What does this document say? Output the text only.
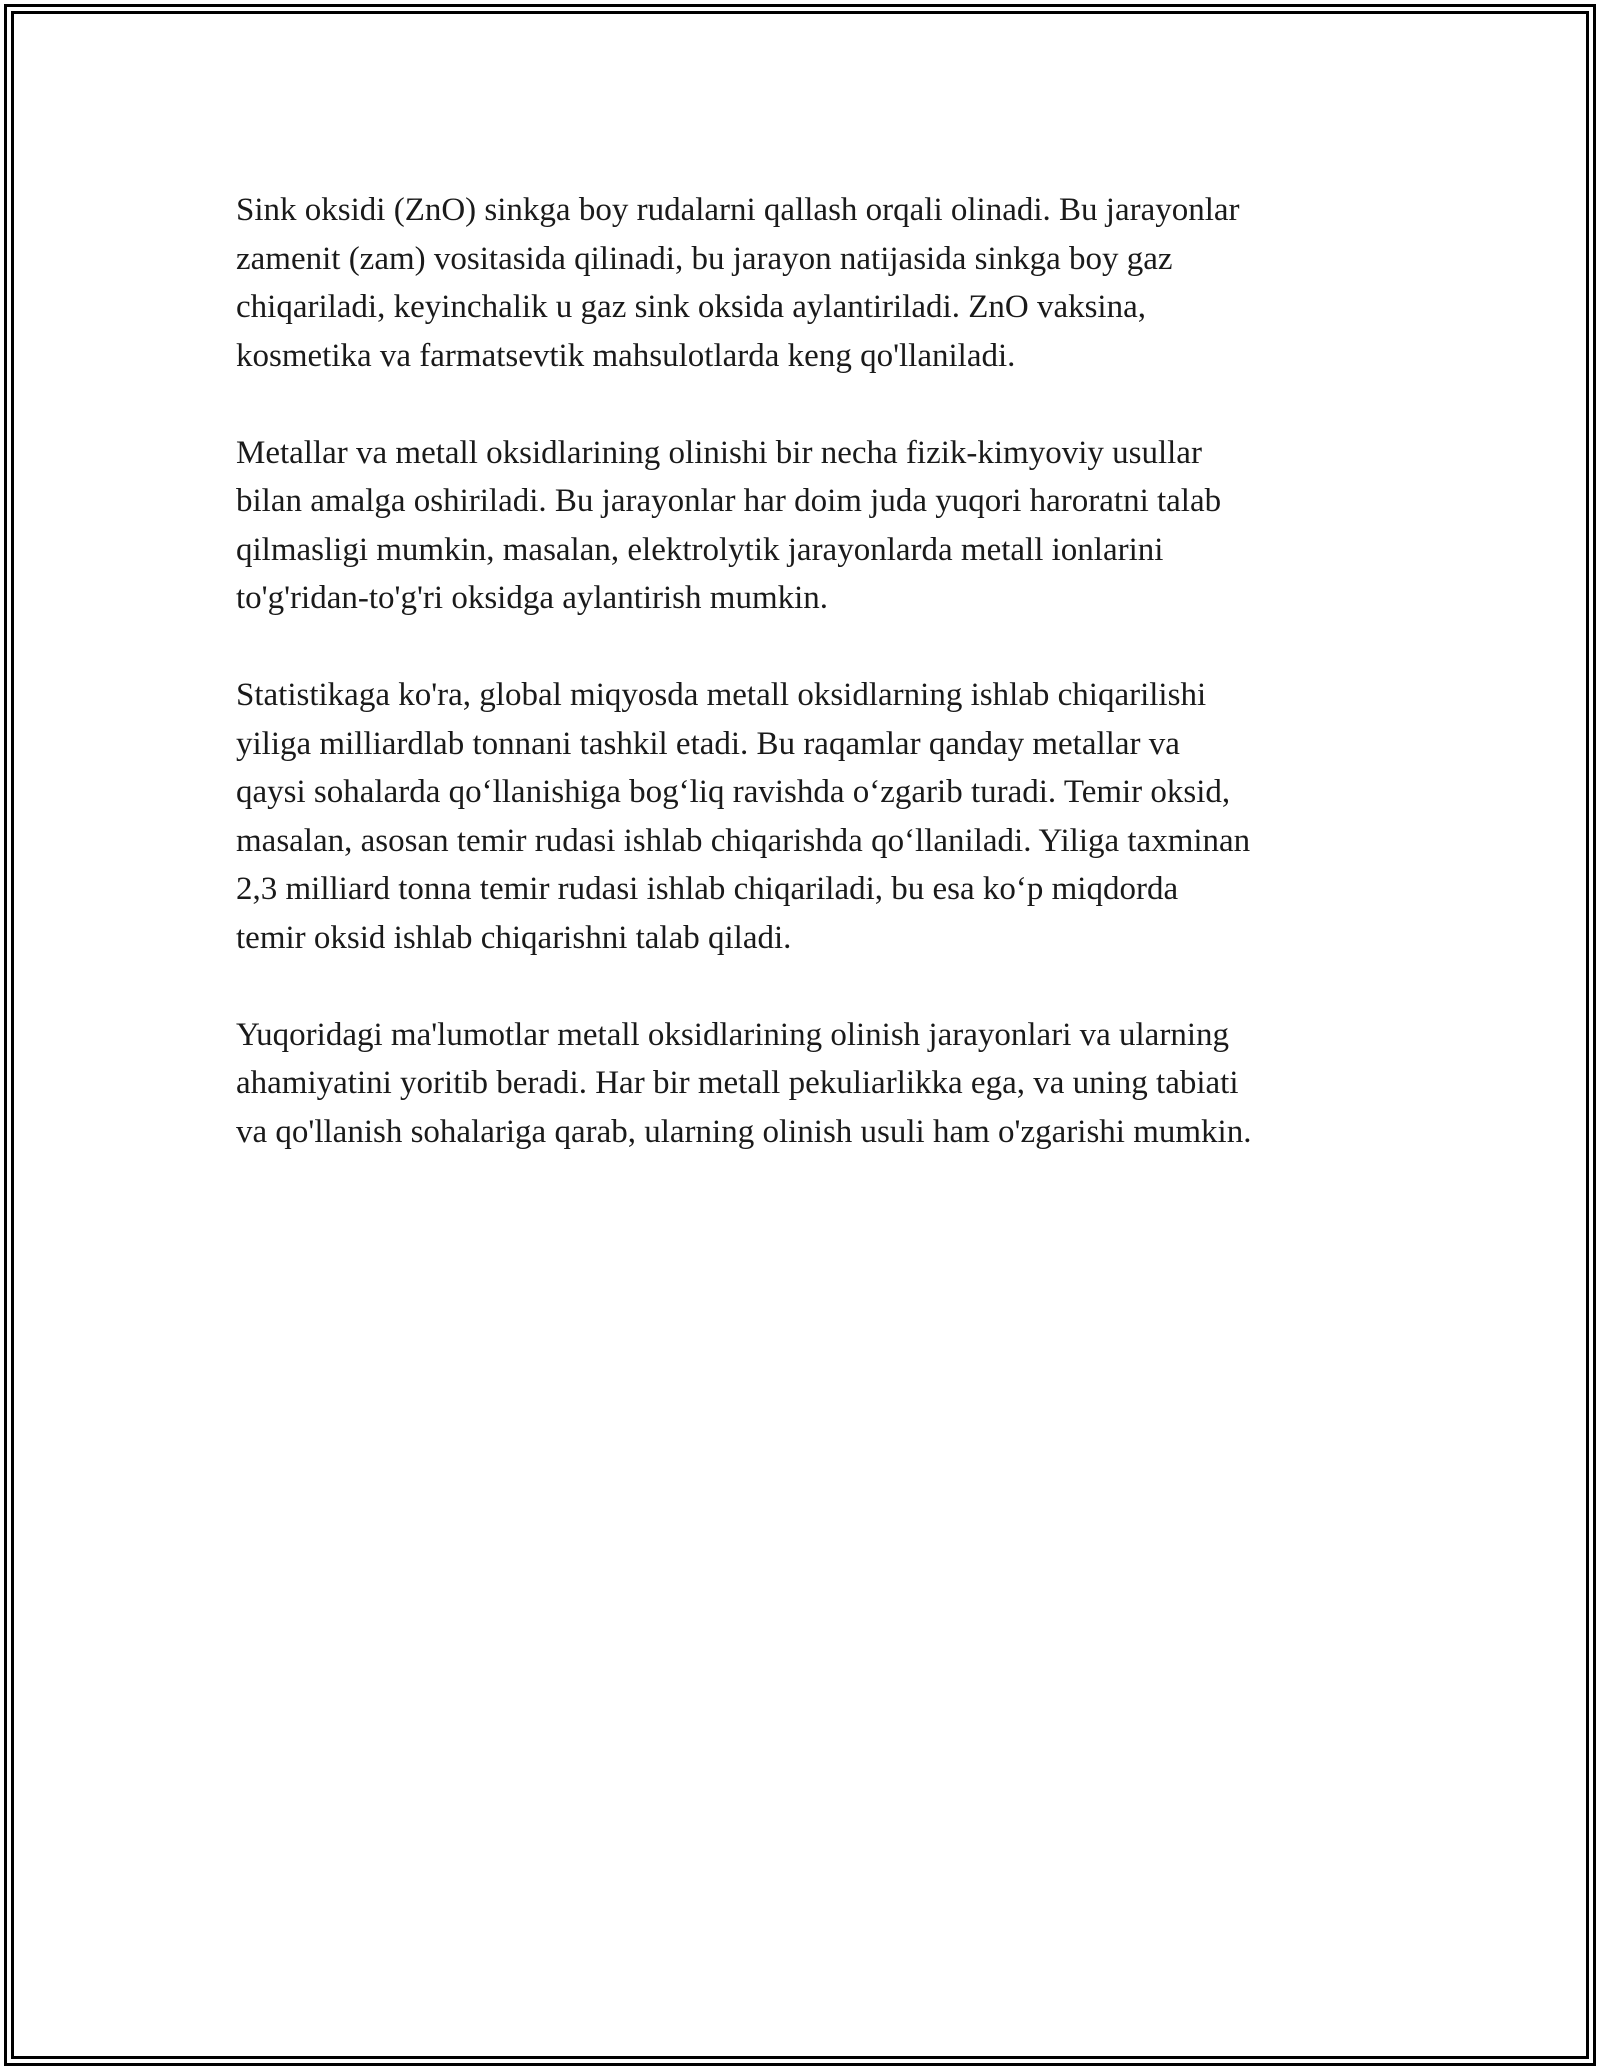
Sink oksidi (ZnO) sinkga boy rudalarni qallash orqali olinadi. Bu jarayonlar
zamenit (zam) vositasida qilinadi, bu jarayon natijasida sinkga boy gaz
chiqariladi, keyinchalik u gaz sink oksida aylantiriladi. ZnO vaksina,
kosmetika va farmatsevtik mahsulotlarda keng qo'llaniladi.

Metallar va metall oksidlarining olinishi bir necha fizik-kimyoviy usullar
bilan amalga oshiriladi. Bu jarayonlar har doim juda yuqori haroratni talab
qilmasligi mumkin, masalan, elektrolytik jarayonlarda metall ionlarini
to'g'ridan-to'g'ri oksidga aylantirish mumkin.

Statistikaga ko'ra, global miqyosda metall oksidlarning ishlab chiqarilishi
yiliga milliardlab tonnani tashkil etadi. Bu raqamlar qanday metallar va
qaysi sohalarda qo‘llanishiga bog‘liq ravishda o‘zgarib turadi. Temir oksid,
masalan, asosan temir rudasi ishlab chiqarishda qo‘llaniladi. Yiliga taxminan
2,3 milliard tonna temir rudasi ishlab chiqariladi, bu esa ko‘p miqdorda
temir oksid ishlab chiqarishni talab qiladi.

Yuqoridagi ma'lumotlar metall oksidlarining olinish jarayonlari va ularning
ahamiyatini yoritib beradi. Har bir metall pekuliarlikka ega, va uning tabiati
va qo'llanish sohalariga qarab, ularning olinish usuli ham o'zgarishi mumkin.
